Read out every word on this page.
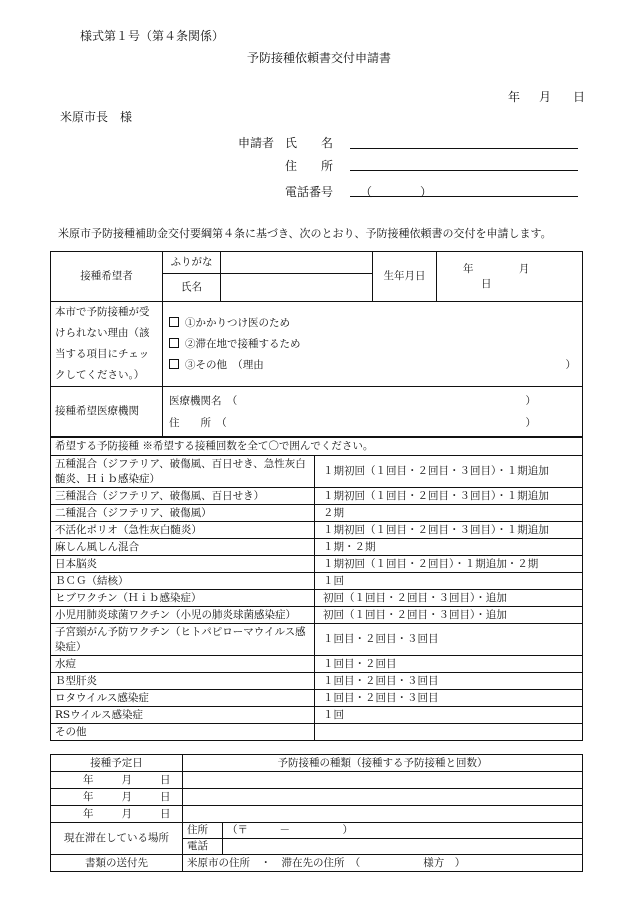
様式第１号（第４条関係）
予防接種依頼書交付申請書
年 月 日
米原市長　様
申請者 氏　　名
住　　所
電話番号 （　　　　）
米原市予防接種補助金交付要綱第４条に基づき、次のとおり、予防接種依頼書の交付を申請します。
接種希望者	ふりがな		生年月日	年 月 日
	氏名			
本市で予防接種が受けられない理由（該当する項目にチェックしてください。）	①かかりつけ医のため
②滞在地で接種するため
③その他　（理由 ）			

接種希望医療機関	医療機関名　（ ）
住　　所　（ ）			
希望する予防接種 ※希望する接種回数を全て〇で囲んでください。	
五種混合（ジフテリア、破傷風、百日せき、急性灰白髄炎、Ｈｉｂ感染症）	１期初回（１回目・２回目・３回目）・１期追加
三種混合（ジフテリア、破傷風、百日せき）	１期初回（１回目・２回目・３回目）・１期追加
二種混合（ジフテリア、破傷風）	２期
不活化ポリオ（急性灰白髄炎）	１期初回（１回目・２回目・３回目）・１期追加
麻しん風しん混合	１期・２期
日本脳炎	１期初回（１回目・２回目）・１期追加・２期
ＢＣＧ（結核）	１回
ヒブワクチン（Ｈｉｂ感染症）	初回（１回目・２回目・３回目）・追加
小児用肺炎球菌ワクチン（小児の肺炎球菌感染症）	初回（１回目・２回目・３回目）・追加
子宮頸がん予防ワクチン（ヒトパピローマウイルス感染症）	１回目・２回目・３回目
水痘	１回目・２回目
Ｂ型肝炎	１回目・２回目・３回目
ロタウイルス感染症	１回目・２回目・３回目
RSウイルス感染症	１回
その他	
接種予定日	予防接種の種類（接種する予防接種と回数）	
年 月 日		
年 月 日		
年 月 日		
現在滞在している場所	住所	（〒　　　－　　　　　）
	電話	
書類の送付先	米原市の住所　・　滞在先の住所　（　　　　　　様方　）	
